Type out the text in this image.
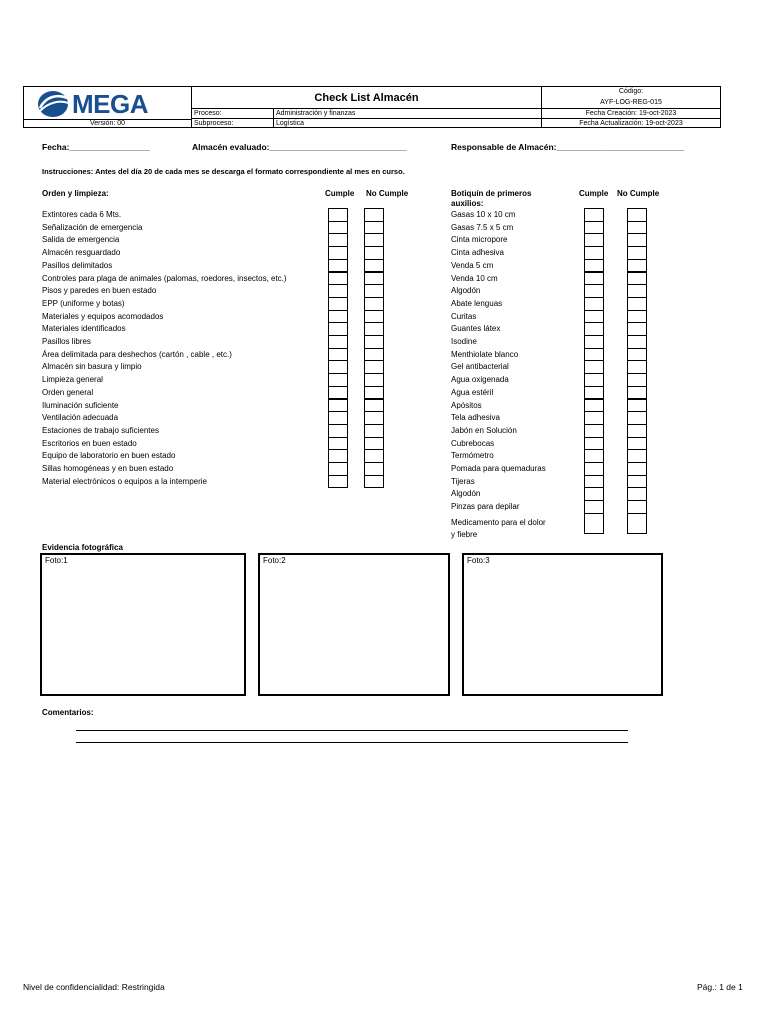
MEGA
Versión: 00
Check List Almacén
Proceso:	Administración y finanzas
Subproceso:	Logística
Código:
AYF-LOG-REG-015
Fecha Creación: 19-oct-2023
Fecha Actualización: 19-oct-2023
Fecha:_________________	Almacén evaluado:_____________________________	Responsable de Almacén:___________________________
Instrucciones: Antes del día 20 de cada mes se descarga el formato correspondiente al mes en curso.
Orden y limpieza:	Cumple No Cumple	Botiquín de primeros
auxilios:
Cumple No Cumple
Extintores cada 6 Mts.
Señalización de emergencia
Salida de emergencia
Almacén resguardado
Pasillos delimitados
Controles para plaga de animales (palomas, roedores, insectos, etc.)
Pisos y paredes en buen estado
EPP (uniforme y botas)
Materiales y equipos acomodados
Materiales identificados
Pasillos libres
Área delimitada para deshechos (cartón , cable , etc.)
Almacén sin basura y limpio
Limpieza general
Orden general
Iluminación suficiente
Ventilación adecuada
Estaciones de trabajo suficientes
Escritorios en buen estado
Equipo de laboratorio en buen estado
Sillas homogéneas y en buen estado
Material electrónicos o equipos a la intemperie
Gasas 10 x 10 cm
Gasas 7.5 x 5 cm
Cinta micropore
Cinta adhesiva
Venda 5 cm
Venda 10 cm
Algodón
Abate lenguas
Curitas
Guantes látex
Isodine
Menthiolate blanco
Gel antibacterial
Agua oxigenada
Agua estéril
Apósitos
Tela adhesiva
Jabón en Solución
Cubrebocas
Termómetro
Pomada para quemaduras
Tijeras
Algodón
Pinzas para depilar
Medicamento para el dolor
y fiebre
Evidencia fotográfica
Foto:1	Foto:2	Foto:3
Comentarios:
Nivel de confidencialidad: Restringida	Pág.: 1 de 1
